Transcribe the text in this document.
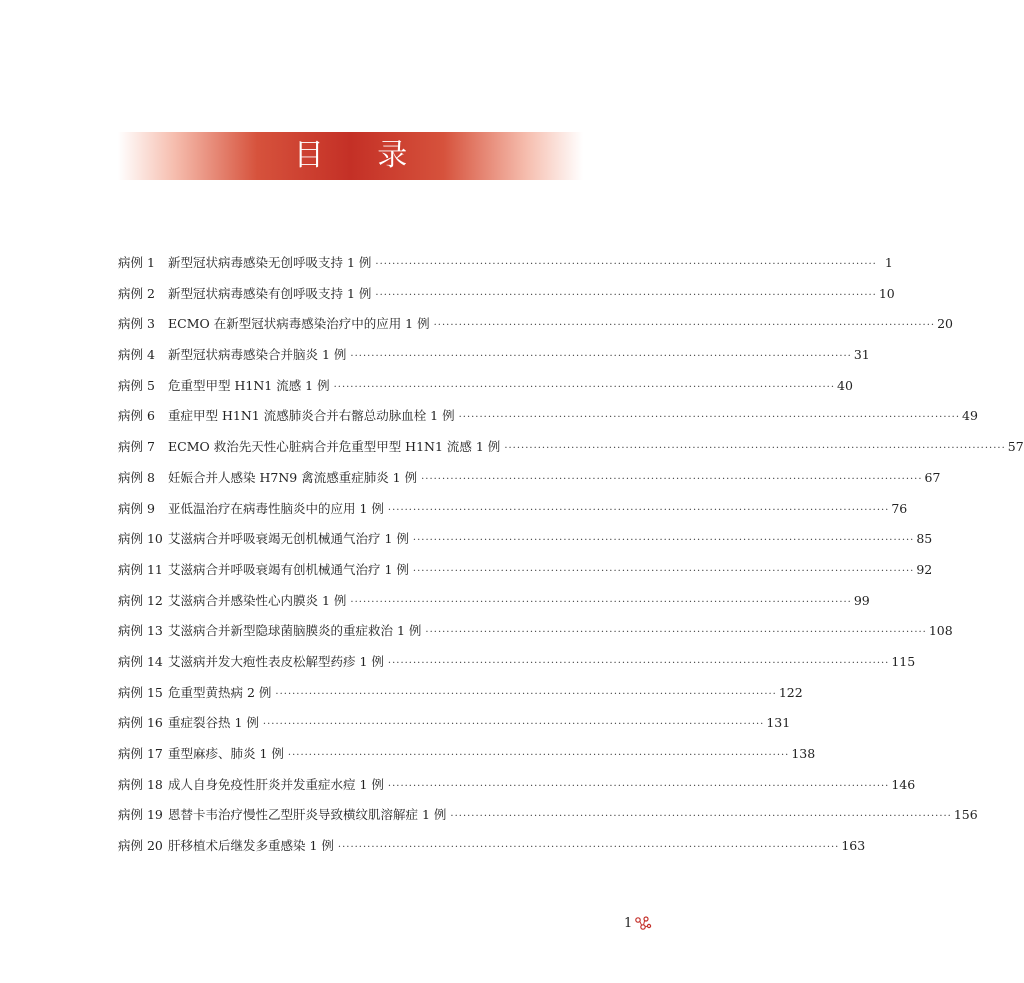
目 录
病例 1	新型冠状病毒感染无创呼吸支持 1 例 ························································································································ 1
病例 2	新型冠状病毒感染有创呼吸支持 1 例 ························································································································ 10
病例 3	ECMO 在新型冠状病毒感染治疗中的应用 1 例 ························································································································ 20
病例 4	新型冠状病毒感染合并脑炎 1 例 ························································································································ 31
病例 5	危重型甲型 H1N1 流感 1 例 ························································································································ 40
病例 6	重症甲型 H1N1 流感肺炎合并右髂总动脉血栓 1 例 ························································································································ 49
病例 7	ECMO 救治先天性心脏病合并危重型甲型 H1N1 流感 1 例 ························································································································ 57
病例 8	妊娠合并人感染 H7N9 禽流感重症肺炎 1 例 ························································································································ 67
病例 9	亚低温治疗在病毒性脑炎中的应用 1 例 ························································································································ 76
病例 10 艾滋病合并呼吸衰竭无创机械通气治疗 1 例 ························································································································ 85
病例 11 艾滋病合并呼吸衰竭有创机械通气治疗 1 例 ························································································································ 92
病例 12 艾滋病合并感染性心内膜炎 1 例 ························································································································ 99
病例 13 艾滋病合并新型隐球菌脑膜炎的重症救治 1 例 ························································································································ 108
病例 14 艾滋病并发大疱性表皮松解型药疹 1 例 ························································································································ 115
病例 15 危重型黄热病 2 例 ························································································································ 122
病例 16 重症裂谷热 1 例 ························································································································ 131
病例 17 重型麻疹、肺炎 1 例 ························································································································ 138
病例 18 成人自身免疫性肝炎并发重症水痘 1 例 ························································································································ 146
病例 19 恩替卡韦治疗慢性乙型肝炎导致横纹肌溶解症 1 例 ························································································································ 156
病例 20 肝移植术后继发多重感染 1 例 ························································································································ 163
1
